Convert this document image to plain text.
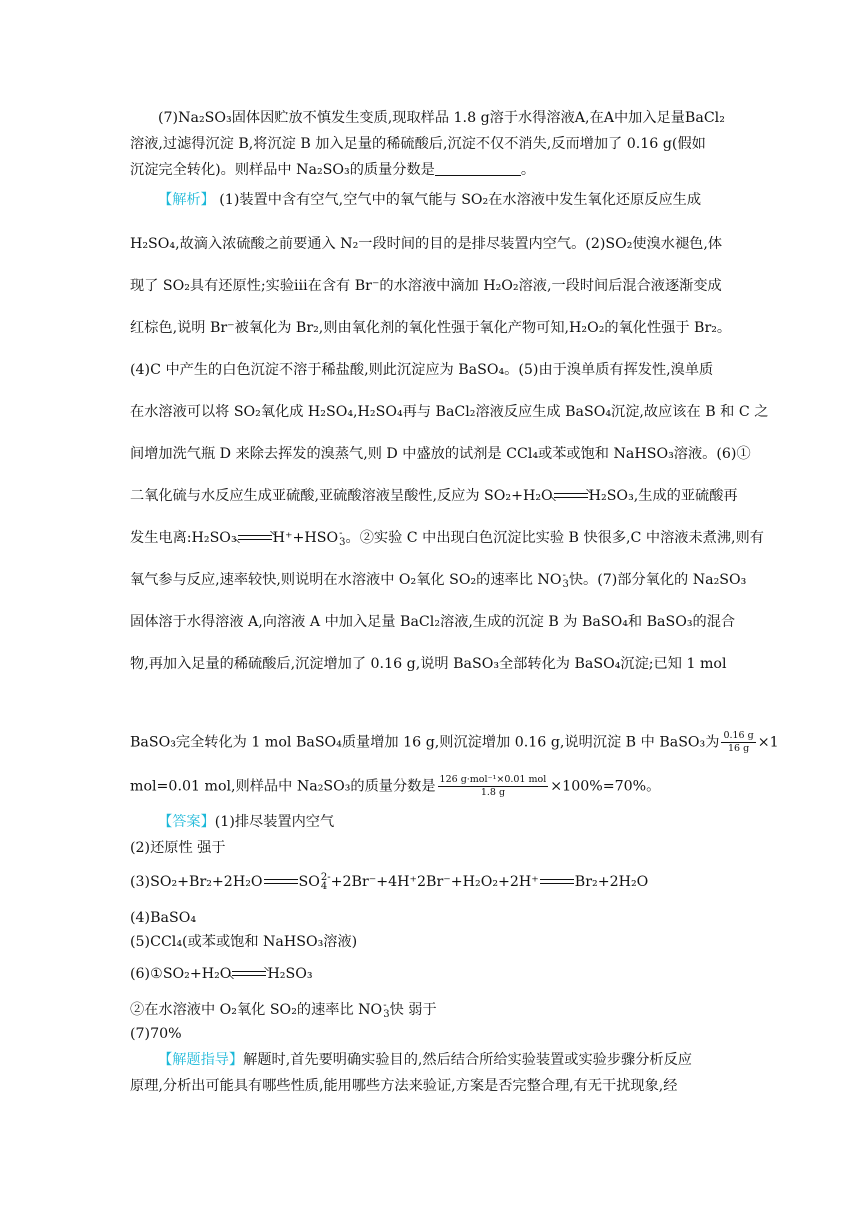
(7)Na₂SO₃固体因贮放不慎发生变质,现取样品 1.8 g溶于水得溶液A,在A中加入足量BaCl₂

溶液,过滤得沉淀 B,将沉淀 B 加入足量的稀硫酸后,沉淀不仅不消失,反而增加了 0.16 g(假如

沉淀完全转化)。则样品中 Na₂SO₃的质量分数是	。

【解析】 (1)装置中含有空气,空气中的氧气能与 SO₂在水溶液中发生氧化还原反应生成

H₂SO₄,故滴入浓硫酸之前要通入 N₂一段时间的目的是排尽装置内空气。(2)SO₂使溴水褪色,体

现了 SO₂具有还原性;实验ⅲ在含有 Br⁻的水溶液中滴加 H₂O₂溶液,一段时间后混合液逐渐变成

红棕色,说明 Br⁻被氧化为 Br₂,则由氧化剂的氧化性强于氧化产物可知,H₂O₂的氧化性强于 Br₂。

(4)C 中产生的白色沉淀不溶于稀盐酸,则此沉淀应为 BaSO₄。(5)由于溴单质有挥发性,溴单质

在水溶液可以将 SO₂氧化成 H₂SO₄,H₂SO₄再与 BaCl₂溶液反应生成 BaSO₄沉淀,故应该在 B 和 C 之

间增加洗气瓶 D 来除去挥发的溴蒸气,则 D 中盛放的试剂是 CCl₄或苯或饱和 NaHSO₃溶液。(6)①

二氧化硫与水反应生成亚硫酸,亚硫酸溶液呈酸性,反应为 SO₂+H₂O	H₂SO₃,生成的亚硫酸再

发生电离:H₂SO₃	H⁺+HSO -
3 。②实验 C 中出现白色沉淀比实验 B 快很多,C 中溶液未煮沸,则有

氧气参与反应,速率较快,则说明在水溶液中 O₂氧化 SO₂的速率比 NO -
3 快。(7)部分氧化的 Na₂SO₃

固体溶于水得溶液 A,向溶液 A 中加入足量 BaCl₂溶液,生成的沉淀 B 为 BaSO₄和 BaSO₃的混合

物,再加入足量的稀硫酸后,沉淀增加了 0.16 g,说明 BaSO₃全部转化为 BaSO₄沉淀;已知 1 mol

BaSO₃完全转化为 1 mol BaSO₄质量增加 16 g,则沉淀增加 0.16 g,说明沉淀 B 中 BaSO₃为 $\frac{0.16 g}{16 g} \times 1$

mol=0.01 mol,则样品中 Na₂SO₃的质量分数是 $\frac{\text{126 g·mol⁻¹×0.01 mol}}{1.8 g} \times 100\%=70\%$。

【答案】(1)排尽装置内空气

(2)还原性 强于

(3)SO₂+Br₂+2H₂O	SO 2-
4 +2Br⁻+4H⁺2Br⁻+H₂O₂+2H⁺	Br₂+2H₂O

(4)BaSO₄

(5)CCl₄(或苯或饱和 NaHSO₃溶液)

(6)①SO₂+H₂O	H₂SO₃

②在水溶液中 O₂氧化 SO₂的速率比 NO -
3 快 弱于

(7)70%

【解题指导】解题时,首先要明确实验目的,然后结合所给实验装置或实验步骤分析反应

原理,分析出可能具有哪些性质,能用哪些方法来验证,方案是否完整合理,有无干扰现象,经
